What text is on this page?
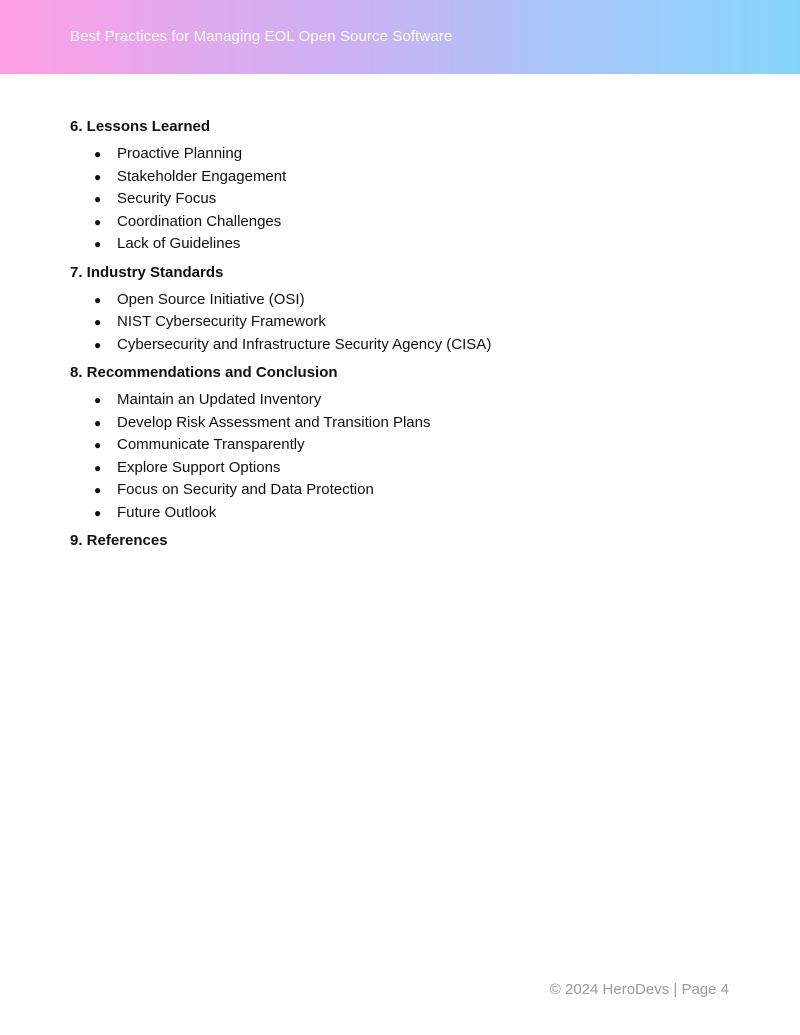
Best Practices for Managing EOL Open Source Software
6. Lessons Learned
● Proactive Planning
● Stakeholder Engagement
● Security Focus
● Coordination Challenges
● Lack of Guidelines
7. Industry Standards
● Open Source Initiative (OSI)
● NIST Cybersecurity Framework
● Cybersecurity and Infrastructure Security Agency (CISA)
8. Recommendations and Conclusion
● Maintain an Updated Inventory
● Develop Risk Assessment and Transition Plans
● Communicate Transparently
● Explore Support Options
● Focus on Security and Data Protection
● Future Outlook
9. References
© 2024 HeroDevs | Page 4
